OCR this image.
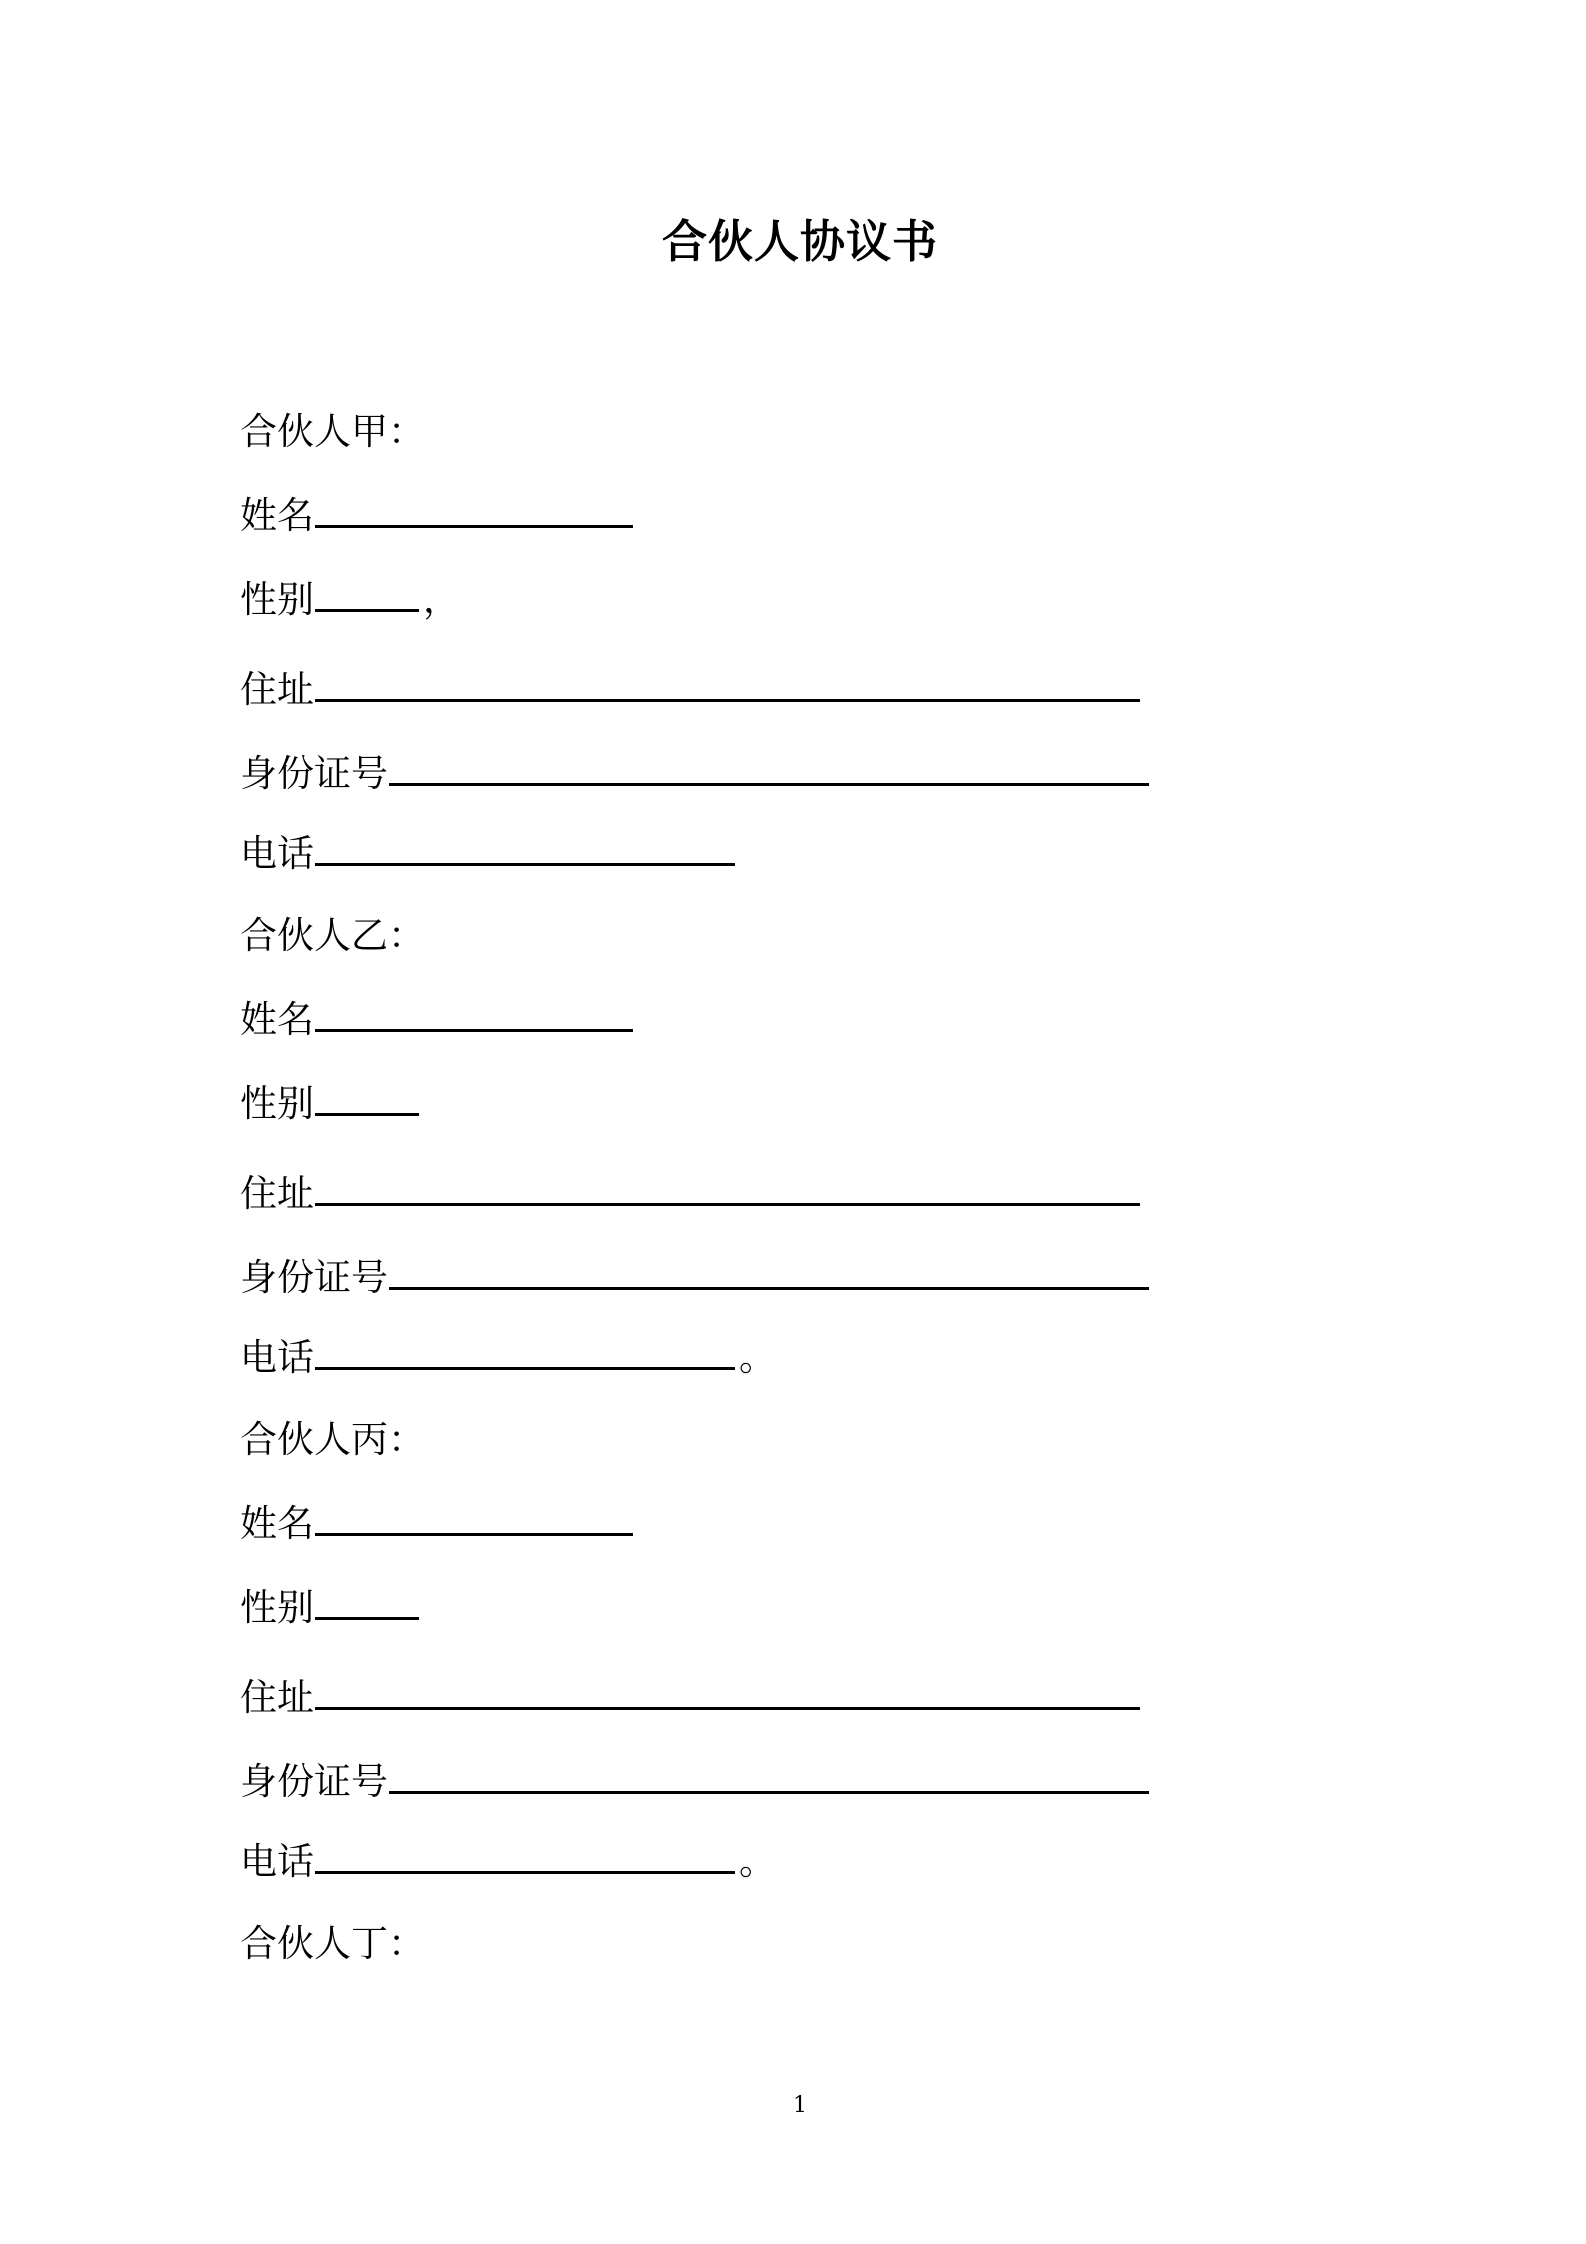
合伙人协议书
合伙人甲：
姓名
性别	，
住址
身份证号
电话
合伙人乙：
姓名
性别
住址
身份证号
电话	。
合伙人丙：
姓名
性别
住址
身份证号
电话	。
合伙人丁：
1
